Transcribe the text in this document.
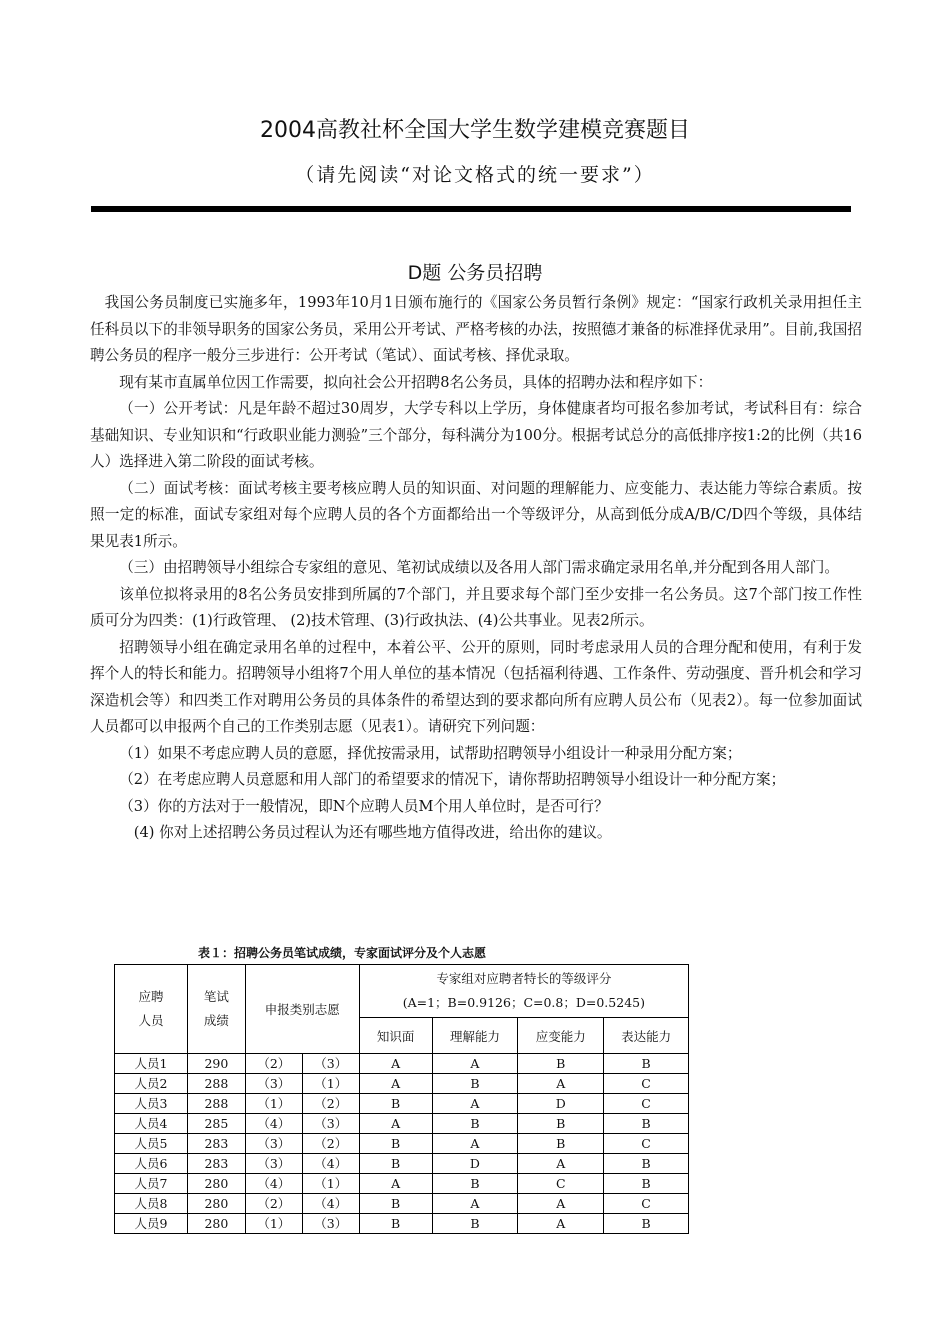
2004高教社杯全国大学生数学建模竞赛题目
（请先阅读“对论文格式的统一要求”）
D题 公务员招聘

我国公务员制度已实施多年，1993年10月1日颁布施行的《国家公务员暂行条例》规定：“国家行政机关录用担任主任科员以下的非领导职务的国家公务员，采用公开考试、严格考核的办法，按照德才兼备的标准择优录用”。目前,我国招聘公务员的程序一般分三步进行：公开考试（笔试）、面试考核、择优录取。

现有某市直属单位因工作需要，拟向社会公开招聘8名公务员，具体的招聘办法和程序如下：

（一）公开考试：凡是年龄不超过30周岁，大学专科以上学历，身体健康者均可报名参加考试，考试科目有：综合基础知识、专业知识和“行政职业能力测验”三个部分，每科满分为100分。根据考试总分的高低排序按1:2的比例（共16人）选择进入第二阶段的面试考核。

（二）面试考核：面试考核主要考核应聘人员的知识面、对问题的理解能力、应变能力、表达能力等综合素质。按照一定的标准，面试专家组对每个应聘人员的各个方面都给出一个等级评分，从高到低分成A/B/C/D四个等级，具体结果见表1所示。

（三）由招聘领导小组综合专家组的意见、笔初试成绩以及各用人部门需求确定录用名单,并分配到各用人部门。

该单位拟将录用的8名公务员安排到所属的7个部门，并且要求每个部门至少安排一名公务员。这7个部门按工作性质可分为四类：(1)行政管理、 (2)技术管理、(3)行政执法、(4)公共事业。见表2所示。

招聘领导小组在确定录用名单的过程中，本着公平、公开的原则，同时考虑录用人员的合理分配和使用，有利于发挥个人的特长和能力。招聘领导小组将7个用人单位的基本情况（包括福利待遇、工作条件、劳动强度、晋升机会和学习深造机会等）和四类工作对聘用公务员的具体条件的希望达到的要求都向所有应聘人员公布（见表2）。每一位参加面试人员都可以申报两个自己的工作类别志愿（见表1）。请研究下列问题：

（1）如果不考虑应聘人员的意愿，择优按需录用，试帮助招聘领导小组设计一种录用分配方案；

（2）在考虑应聘人员意愿和用人部门的希望要求的情况下，请你帮助招聘领导小组设计一种分配方案；

（3）你的方法对于一般情况，即N个应聘人员M个用人单位时，是否可行？

(4) 你对上述招聘公务员过程认为还有哪些地方值得改进，给出你的建议。

表１：招聘公务员笔试成绩，专家面试评分及个人志愿
应聘人员	笔试成绩	申报类别志愿		专家组对应聘者特长的等级评分
(A=1；B=0.9126；C=0.8；D=0.5245)			

				知识面	理解能力	应变能力	表达能力
人员1	290	（2）	（3）	A	A	B	B
人员2	288	（3）	（1）	A	B	A	C
人员3	288	（1）	（2）	B	A	D	C
人员4	285	（4）	（3）	A	B	B	B
人员5	283	（3）	（2）	B	A	B	C
人员6	283	（3）	（4）	B	D	A	B
人员7	280	（4）	（1）	A	B	C	B
人员8	280	（2）	（4）	B	A	A	C
人员9	280	（1）	（3）	B	B	A	B
